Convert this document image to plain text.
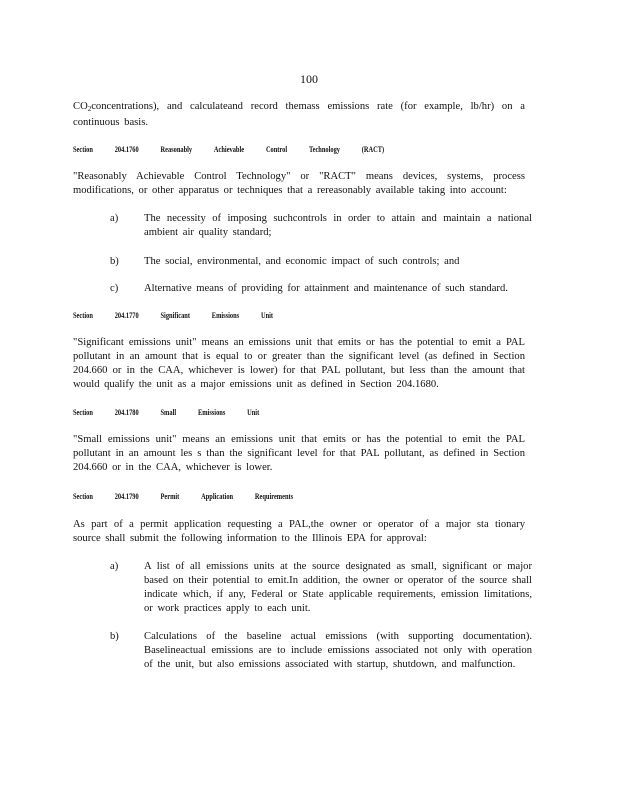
100

$CO_2concentrations$), and calculateand record themass emissions rate (for example, lb/hr) on a continuous basis.

Section	204.1760	Reasonably	Achievable	Control	Technology	(RACT)

"Reasonably Achievable Control Technology" or "RACT" means devices, systems, process modifications, or other apparatus or techniques that a rereasonably available taking into account:

a) The necessity of imposing suchcontrols in order to attain and maintain a national ambient air quality standard;

b) The social, environmental, and economic impact of such controls; and

c) Alternative means of providing for attainment and maintenance of such standard.

Section	204.1770	Significant	Emissions	Unit

"Significant emissions unit" means an emissions unit that emits or has the potential to emit a PAL pollutant in an amount that is equal to or greater than the significant level (as defined in Section 204.660 or in the CAA, whichever is lower) for that PAL pollutant, but less than the amount that would qualify the unit as a major emissions unit as defined in Section 204.1680.

Section	204.1780	Small	Emissions	Unit

"Small emissions unit" means an emissions unit that emits or has the potential to emit the PAL pollutant in an amount les s than the significant level for that PAL pollutant, as defined in Section 204.660 or in the CAA, whichever is lower.

Section	204.1790	Permit	Application	Requirements

As part of a permit application requesting a PAL,the owner or operator of a major sta tionary source shall submit the following information to the Illinois EPA for approval:

a) A list of all emissions units at the source designated as small, significant or major based on their potential to emit.In addition, the owner or operator of the source shall indicate which, if any, Federal or State applicable requirements, emission limitations, or work practices apply to each unit.

b) Calculations of the baseline actual emissions (with supporting documentation). Baselineactual emissions are to include emissions associated not only with operation of the unit, but also emissions associated with startup, shutdown, and malfunction.
